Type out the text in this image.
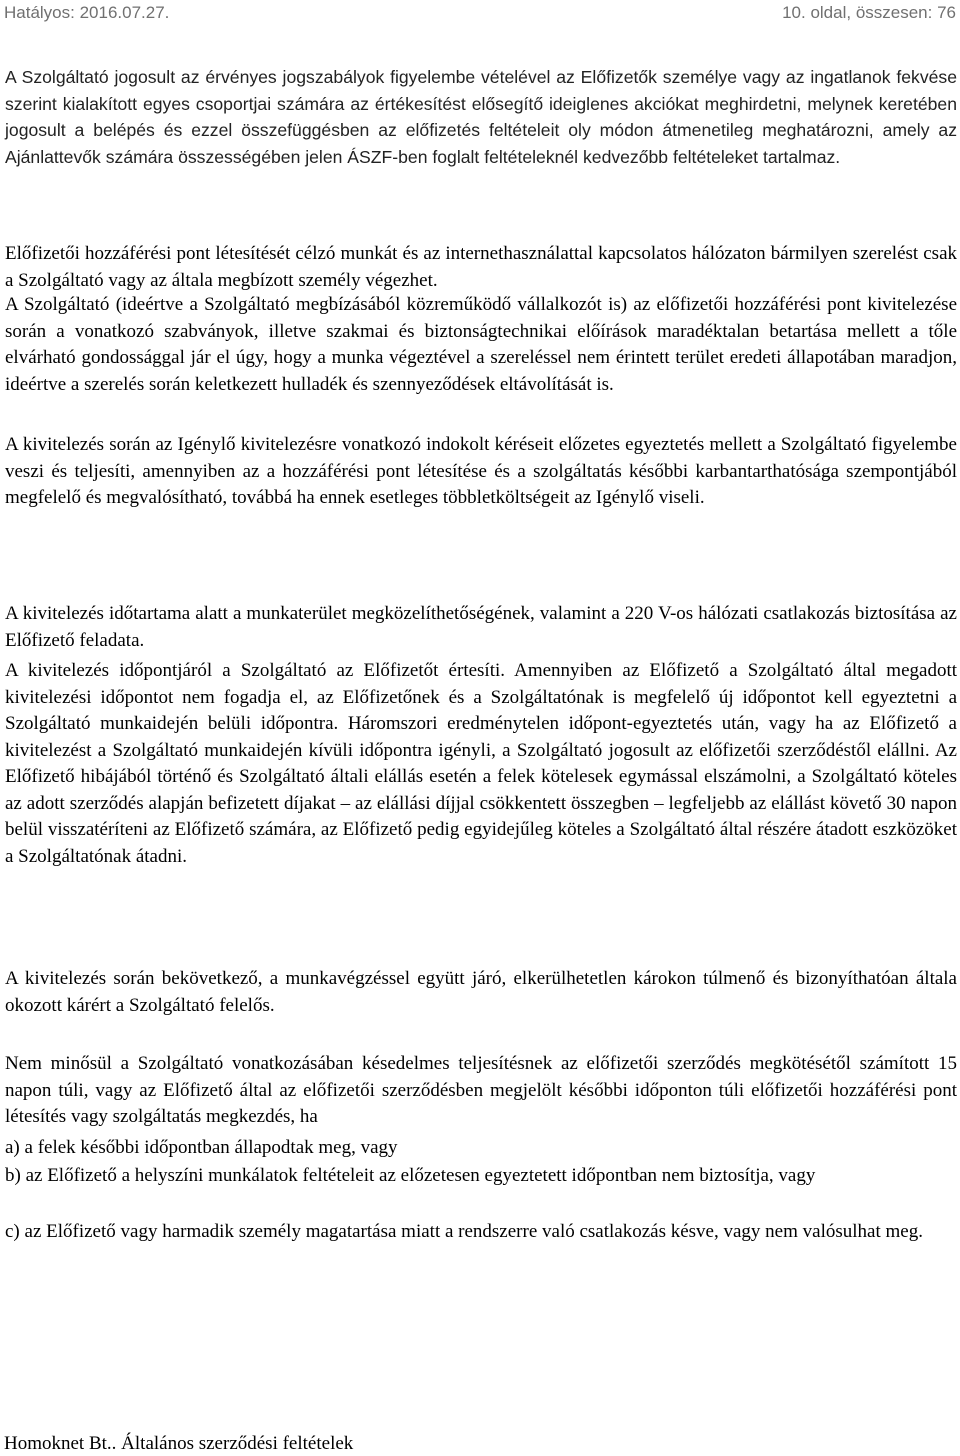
Hatályos: 2016.07.27.	10. oldal, összesen: 76

A Szolgáltató jogosult az érvényes jogszabályok figyelembe vételével az Előfizetők személye vagy az ingatlanok fekvése szerint kialakított egyes csoportjai számára az értékesítést elősegítő ideiglenes akciókat meghirdetni, melynek keretében jogosult a belépés és ezzel összefüggésben az előfizetés feltételeit oly módon átmenetileg meghatározni, amely az Ajánlattevők számára összességében jelen ÁSZF-ben foglalt feltételeknél kedvezőbb feltételeket tartalmaz.

Előfizetői hozzáférési pont létesítését célzó munkát és az internethasználattal kapcsolatos hálózaton bármilyen szerelést csak a Szolgáltató vagy az általa megbízott személy végezhet.

A Szolgáltató (ideértve a Szolgáltató megbízásából közreműködő vállalkozót is) az előfizetői hozzáférési pont kivitelezése során a vonatkozó szabványok, illetve szakmai és biztonságtechnikai előírások maradéktalan betartása mellett a tőle elvárható gondossággal jár el úgy, hogy a munka végeztével a szereléssel nem érintett terület eredeti állapotában maradjon, ideértve a szerelés során keletkezett hulladék és szennyeződések eltávolítását is.

A kivitelezés során az Igénylő kivitelezésre vonatkozó indokolt kéréseit előzetes egyeztetés mellett a Szolgáltató figyelembe veszi és teljesíti, amennyiben az a hozzáférési pont létesítése és a szolgáltatás későbbi karbantarthatósága szempontjából megfelelő és megvalósítható, továbbá ha ennek esetleges többletköltségeit az Igénylő viseli.

A kivitelezés időtartama alatt a munkaterület megközelíthetőségének, valamint a 220 V-os hálózati csatlakozás biztosítása az Előfizető feladata.

A kivitelezés időpontjáról a Szolgáltató az Előfizetőt értesíti. Amennyiben az Előfizető a Szolgáltató által megadott kivitelezési időpontot nem fogadja el, az Előfizetőnek és a Szolgáltatónak is megfelelő új időpontot kell egyeztetni a Szolgáltató munkaidején belüli időpontra. Háromszori eredménytelen időpont-egyeztetés után, vagy ha az Előfizető a kivitelezést a Szolgáltató munkaidején kívüli időpontra igényli, a Szolgáltató jogosult az előfizetői szerződéstől elállni. Az Előfizető hibájából történő és Szolgáltató általi elállás esetén a felek kötelesek egymással elszámolni, a Szolgáltató köteles az adott szerződés alapján befizetett díjakat – az elállási díjjal csökkentett összegben – legfeljebb az elállást követő 30 napon belül visszatéríteni az Előfizető számára, az Előfizető pedig egyidejűleg köteles a Szolgáltató által részére átadott eszközöket a Szolgáltatónak átadni.

A kivitelezés során bekövetkező, a munkavégzéssel együtt járó, elkerülhetetlen károkon túlmenő és bizonyíthatóan általa okozott kárért a Szolgáltató felelős.

Nem minősül a Szolgáltató vonatkozásában késedelmes teljesítésnek az előfizetői szerződés megkötésétől számított 15 napon túli, vagy az Előfizető által az előfizetői szerződésben megjelölt későbbi időponton túli előfizetői hozzáférési pont létesítés vagy szolgáltatás megkezdés, ha

a) a felek későbbi időpontban állapodtak meg, vagy

b) az Előfizető a helyszíni munkálatok feltételeit az előzetesen egyeztetett időpontban nem biztosítja, vagy

c) az Előfizető vagy harmadik személy magatartása miatt a rendszerre való csatlakozás késve, vagy nem valósulhat meg.

Homoknet Bt.. Általános szerződési feltételek
